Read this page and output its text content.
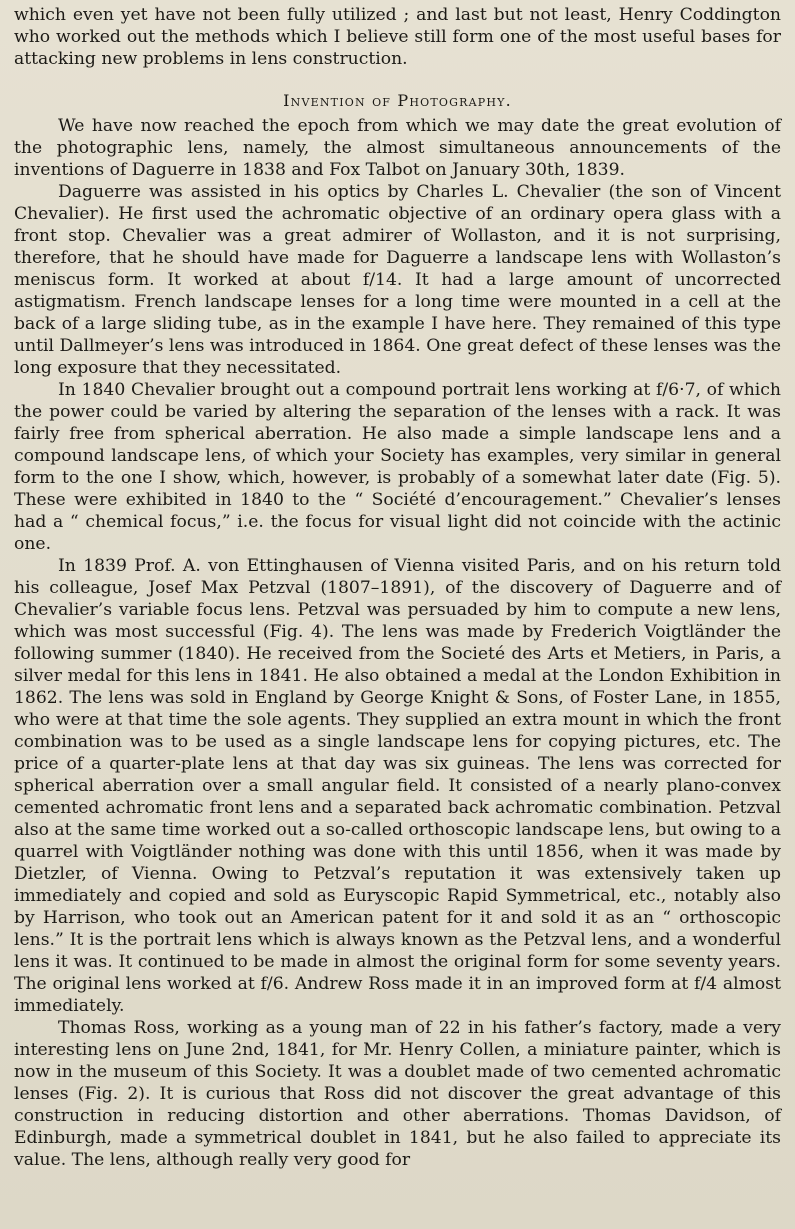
which even yet have not been fully utilized ; and last but not least, Henry Coddington who worked out the methods which I believe still form one of the most useful bases for attacking new problems in lens construction.

Invention of Photography.

We have now reached the epoch from which we may date the great evolution of the photographic lens, namely, the almost simultaneous announcements of the inventions of Daguerre in 1838 and Fox Talbot on January 30th, 1839.

Daguerre was assisted in his optics by Charles L. Chevalier (the son of Vincent Chevalier). He first used the achromatic objective of an ordinary opera glass with a front stop. Chevalier was a great admirer of Wollaston, and it is not surprising, therefore, that he should have made for Daguerre a landscape lens with Wollaston’s meniscus form. It worked at about f/14. It had a large amount of uncorrected astigmatism. French landscape lenses for a long time were mounted in a cell at the back of a large sliding tube, as in the example I have here. They remained of this type until Dallmeyer’s lens was introduced in 1864. One great defect of these lenses was the long exposure that they necessitated.

In 1840 Chevalier brought out a compound portrait lens working at f/6·7, of which the power could be varied by altering the separation of the lenses with a rack. It was fairly free from spherical aberration. He also made a simple landscape lens and a compound landscape lens, of which your Society has examples, very similar in general form to the one I show, which, however, is probably of a somewhat later date (Fig. 5). These were exhibited in 1840 to the “ Société d’encouragement.” Chevalier’s lenses had a “ chemical focus,” i.e. the focus for visual light did not coincide with the actinic one.

In 1839 Prof. A. von Ettinghausen of Vienna visited Paris, and on his return told his colleague, Josef Max Petzval (1807–1891), of the discovery of Daguerre and of Chevalier’s variable focus lens. Petzval was persuaded by him to compute a new lens, which was most successful (Fig. 4). The lens was made by Frederich Voigtländer the following summer (1840). He received from the Societé des Arts et Metiers, in Paris, a silver medal for this lens in 1841. He also obtained a medal at the London Exhibition in 1862. The lens was sold in England by George Knight & Sons, of Foster Lane, in 1855, who were at that time the sole agents. They supplied an extra mount in which the front combination was to be used as a single landscape lens for copying pictures, etc. The price of a quarter-plate lens at that day was six guineas. The lens was corrected for spherical aberration over a small angular field. It consisted of a nearly plano-convex cemented achromatic front lens and a separated back achromatic combination. Petzval also at the same time worked out a so-called orthoscopic landscape lens, but owing to a quarrel with Voigtländer nothing was done with this until 1856, when it was made by Dietzler, of Vienna. Owing to Petzval’s reputation it was extensively taken up immediately and copied and sold as Euryscopic Rapid Symmetrical, etc., notably also by Harrison, who took out an American patent for it and sold it as an “ orthoscopic lens.” It is the portrait lens which is always known as the Petzval lens, and a wonderful lens it was. It continued to be made in almost the original form for some seventy years. The original lens worked at f/6. Andrew Ross made it in an improved form at f/4 almost immediately.

Thomas Ross, working as a young man of 22 in his father’s factory, made a very interesting lens on June 2nd, 1841, for Mr. Henry Collen, a miniature painter, which is now in the museum of this Society. It was a doublet made of two cemented achromatic lenses (Fig. 2). It is curious that Ross did not discover the great advantage of this construction in reducing distortion and other aberrations. Thomas Davidson, of Edinburgh, made a symmetrical doublet in 1841, but he also failed to appreciate its value. The lens, although really very good for
